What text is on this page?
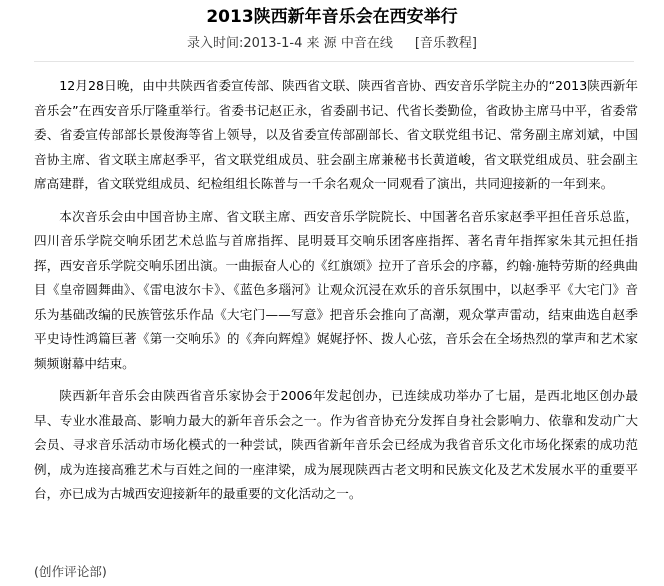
2013陕西新年音乐会在西安举行
录入时间:2013-1-4 来 源 中音在线 [音乐教程]

12月28日晚，由中共陕西省委宣传部、陕西省文联、陕西省音协、西安音乐学院主办的“2013陕西新年音乐会”在西安音乐厅隆重举行。省委书记赵正永，省委副书记、代省长娄勤俭，省政协主席马中平，省委常委、省委宣传部部长景俊海等省上领导，以及省委宣传部副部长、省文联党组书记、常务副主席刘斌，中国音协主席、省文联主席赵季平，省文联党组成员、驻会副主席兼秘书长黄道峻，省文联党组成员、驻会副主席高建群，省文联党组成员、纪检组组长陈普与一千余名观众一同观看了演出，共同迎接新的一年到来。

本次音乐会由中国音协主席、省文联主席、西安音乐学院院长、中国著名音乐家赵季平担任音乐总监，四川音乐学院交响乐团艺术总监与首席指挥、昆明聂耳交响乐团客座指挥、著名青年指挥家朱其元担任指挥，西安音乐学院交响乐团出演。一曲振奋人心的《红旗颂》拉开了音乐会的序幕，约翰·施特劳斯的经典曲目《皇帝圆舞曲》、《雷电波尔卡》、《蓝色多瑙河》让观众沉浸在欢乐的音乐氛围中，以赵季平《大宅门》音乐为基础改编的民族管弦乐作品《大宅门——写意》把音乐会推向了高潮，观众掌声雷动，结束曲选自赵季平史诗性鸿篇巨著《第一交响乐》的《奔向辉煌》娓娓抒怀、拨人心弦，音乐会在全场热烈的掌声和艺术家频频谢幕中结束。

陕西新年音乐会由陕西省音乐家协会于2006年发起创办，已连续成功举办了七届，是西北地区创办最早、专业水准最高、影响力最大的新年音乐会之一。作为省音协充分发挥自身社会影响力、依靠和发动广大会员、寻求音乐活动市场化模式的一种尝试，陕西省新年音乐会已经成为我省音乐文化市场化探索的成功范例，成为连接高雅艺术与百姓之间的一座津梁，成为展现陕西古老文明和民族文化及艺术发展水平的重要平台，亦已成为古城西安迎接新年的最重要的文化活动之一。

(创作评论部)
